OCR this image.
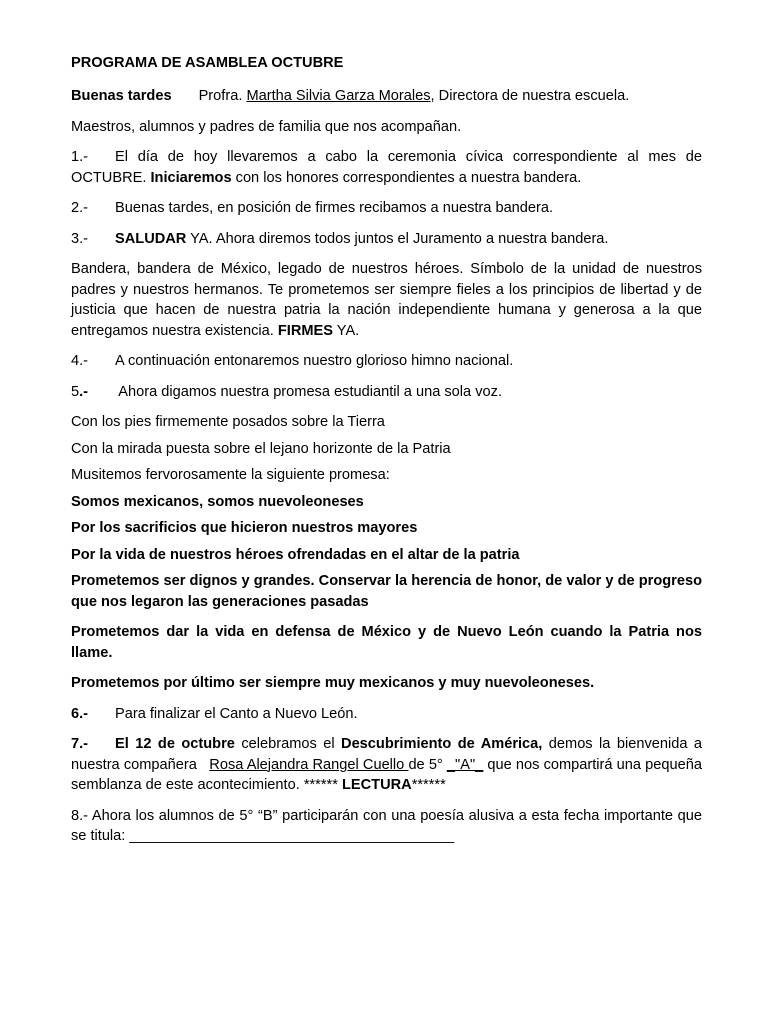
PROGRAMA DE ASAMBLEA OCTUBRE
Buenas tardes Profra. Martha Silvia Garza Morales, Directora de nuestra escuela.
Maestros, alumnos y padres de familia que nos acompañan.
1.- El día de hoy llevaremos a cabo la ceremonia cívica correspondiente al mes de OCTUBRE. Iniciaremos con los honores correspondientes a nuestra bandera.
2.- Buenas tardes, en posición de firmes recibamos a nuestra bandera.
3.- SALUDAR YA. Ahora diremos todos juntos el Juramento a nuestra bandera.
Bandera, bandera de México, legado de nuestros héroes. Símbolo de la unidad de nuestros padres y nuestros hermanos. Te prometemos ser siempre fieles a los principios de libertad y de justicia que hacen de nuestra patria la nación independiente humana y generosa a la que entregamos nuestra existencia. FIRMES YA.
4.- A continuación entonaremos nuestro glorioso himno nacional.
5.- Ahora digamos nuestra promesa estudiantil a una sola voz.
Con los pies firmemente posados sobre la Tierra
Con la mirada puesta sobre el lejano horizonte de la Patria
Musitemos fervorosamente la siguiente promesa:
Somos mexicanos, somos nuevoleoneses
Por los sacrificios que hicieron nuestros mayores
Por la vida de nuestros héroes ofrendadas en el altar de la patria
Prometemos ser dignos y grandes. Conservar la herencia de honor, de valor y de progreso que nos legaron las generaciones pasadas
Prometemos dar la vida en defensa de México y de Nuevo León cuando la Patria nos llame.
Prometemos por último ser siempre muy mexicanos y muy nuevoleoneses.
6.- Para finalizar el Canto a Nuevo León.
7.- El 12 de octubre celebramos el Descubrimiento de América, demos la bienvenida a nuestra compañera   Rosa Alejandra Rangel Cuello de 5° _"A"_ que nos compartirá una pequeña semblanza de este acontecimiento. ****** LECTURA******
8.- Ahora los alumnos de 5° “B” participarán con una poesía alusiva a esta fecha importante que se titula: ________________________________________
